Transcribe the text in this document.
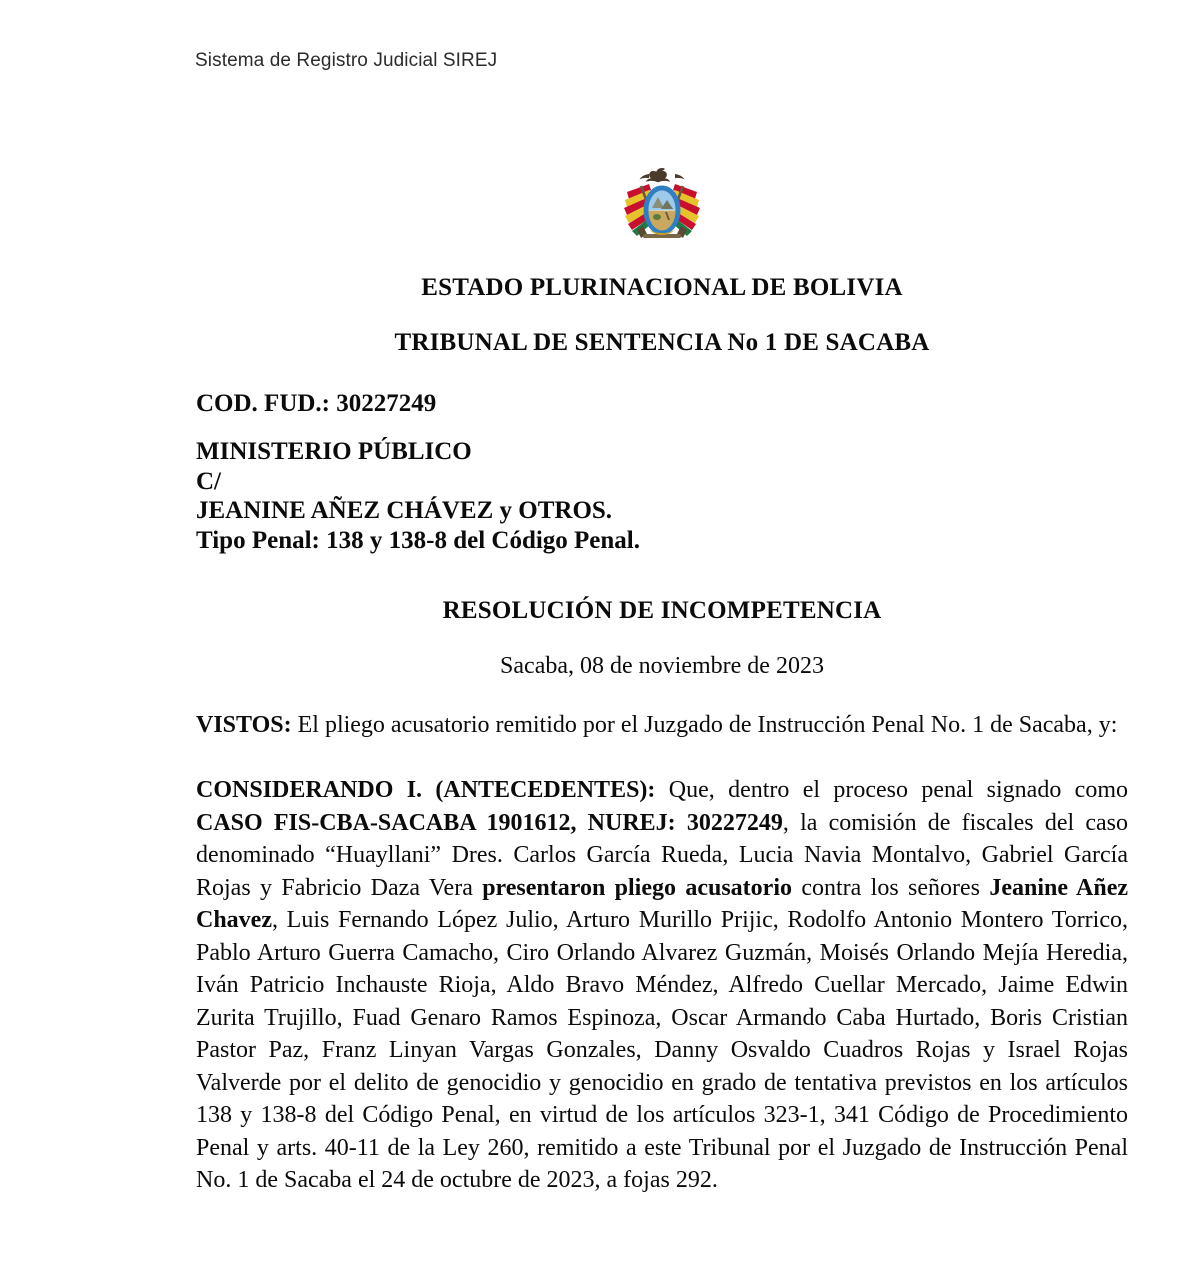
Sistema de Registro Judicial SIREJ
ESTADO PLURINACIONAL DE BOLIVIA
TRIBUNAL DE SENTENCIA No 1 DE SACABA
COD. FUD.: 30227249
MINISTERIO PÚBLICO
C/
JEANINE AÑEZ CHÁVEZ y OTROS.
Tipo Penal: 138 y 138-8 del Código Penal.
RESOLUCIÓN DE INCOMPETENCIA
Sacaba, 08 de noviembre de 2023

VISTOS: El pliego acusatorio remitido por el Juzgado de Instrucción Penal No. 1 de Sacaba, y:

CONSIDERANDO I. (ANTECEDENTES): Que, dentro el proceso penal signado como CASO FIS-CBA-SACABA 1901612, NUREJ: 30227249, la comisión de fiscales del caso denominado “Huayllani” Dres. Carlos García Rueda, Lucia Navia Montalvo, Gabriel García Rojas y Fabricio Daza Vera presentaron pliego acusatorio contra los señores Jeanine Añez Chavez, Luis Fernando López Julio, Arturo Murillo Prijic, Rodolfo Antonio Montero Torrico, Pablo Arturo Guerra Camacho, Ciro Orlando Alvarez Guzmán, Moisés Orlando Mejía Heredia, Iván Patricio Inchauste Rioja, Aldo Bravo Méndez, Alfredo Cuellar Mercado, Jaime Edwin Zurita Trujillo, Fuad Genaro Ramos Espinoza, Oscar Armando Caba Hurtado, Boris Cristian Pastor Paz, Franz Linyan Vargas Gonzales, Danny Osvaldo Cuadros Rojas y Israel Rojas Valverde por el delito de genocidio y genocidio en grado de tentativa previstos en los artículos 138 y 138-8 del Código Penal, en virtud de los artículos 323-1, 341 Código de Procedimiento Penal y arts. 40-11 de la Ley 260, remitido a este Tribunal por el Juzgado de Instrucción Penal No. 1 de Sacaba el 24 de octubre de 2023, a fojas 292.
